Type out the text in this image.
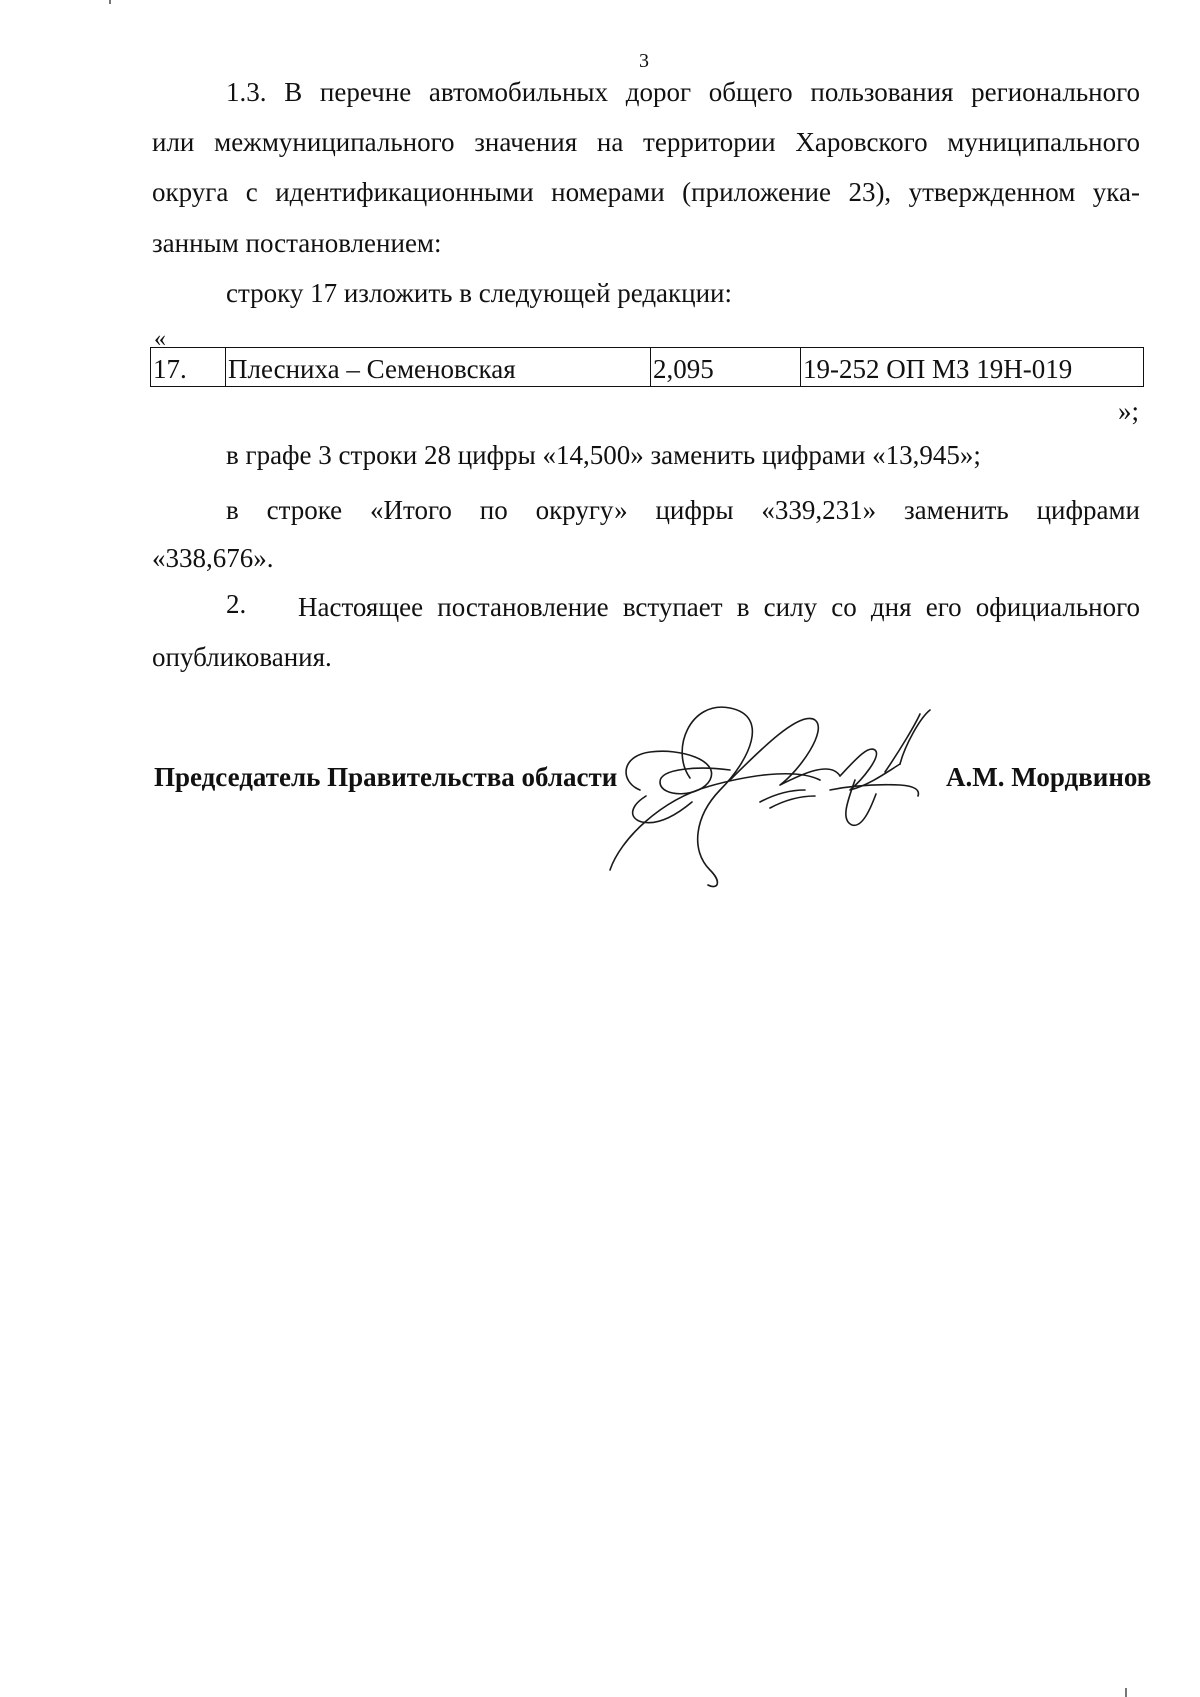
3
1.3. В перечне автомобильных дорог общего пользования регионального
или межмуниципального значения на территории Харовского муниципального
округа с идентификационными номерами (приложение 23), утвержденном ука-
занным постановлением:
строку 17 изложить в следующей редакции:
«
17.	Плесниха – Семеновская	2,095	19-252 ОП МЗ 19Н-019
»;
в графе 3 строки 28 цифры «14,500» заменить цифрами «13,945»;
в строке «Итого по округу» цифры «339,231» заменить цифрами
«338,676».
2. Настоящее постановление вступает в силу со дня его официального
опубликования.
Председатель Правительства области	А.М. Мордвинов
